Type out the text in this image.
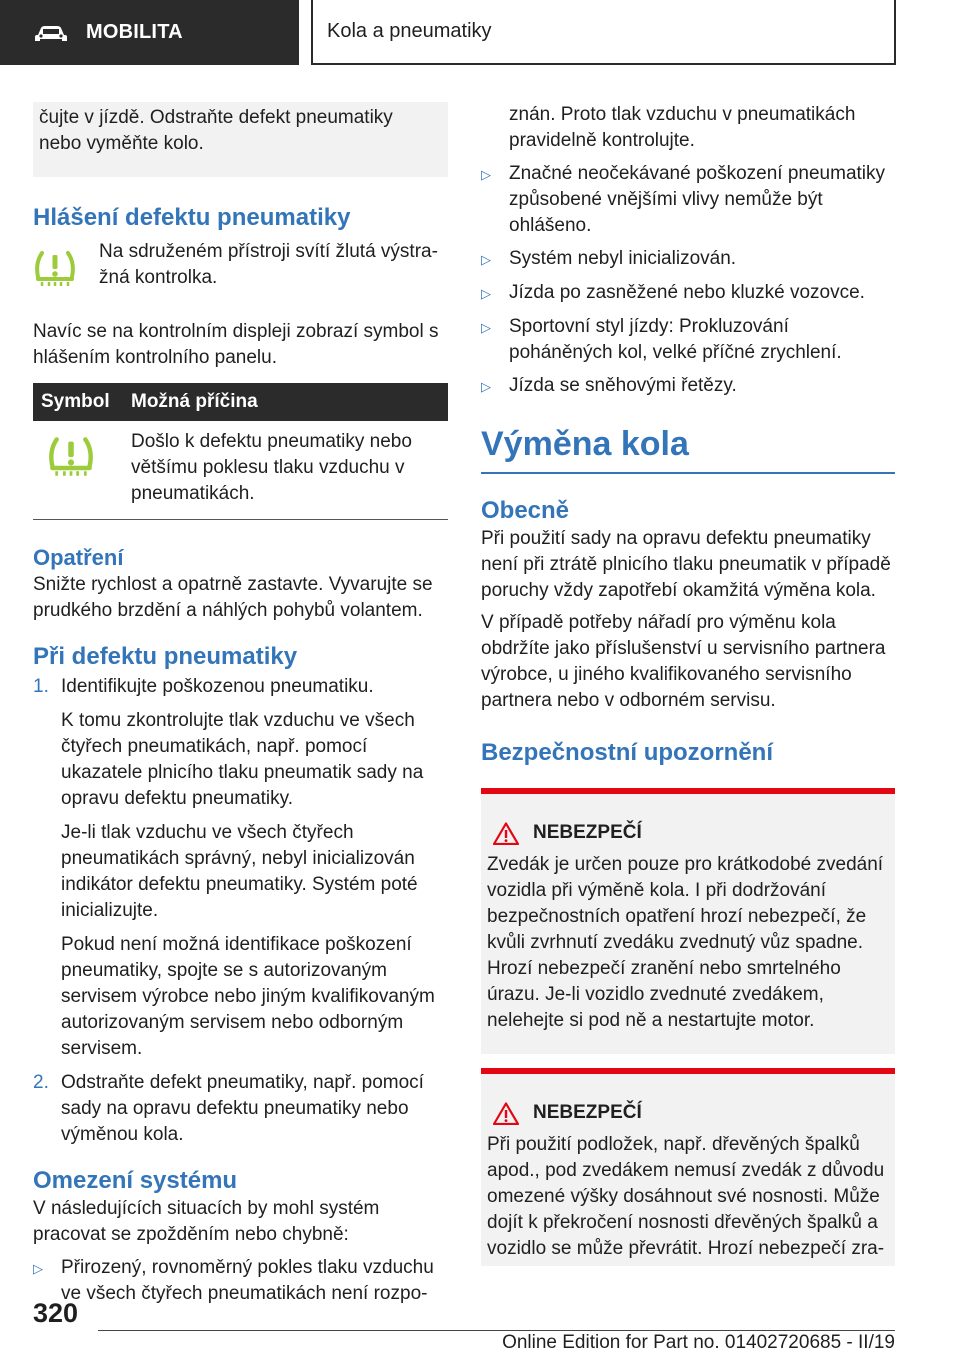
MOBILITA	Kola a pneumatiky

čujte v jízdě. Odstraňte defekt pneumatiky nebo vyměňte kolo.

Hlášení defektu pneumatiky

Na sdruženém přístroji svítí žlutá výstra‐

žná kontrolka.

Navíc se na kontrolním displeji zobrazí symbol s hlášením kontrolního panelu.

Symbol	Možná příčina
	Došlo k defektu pneumatiky nebo většímu poklesu tlaku vzduchu v pneumatikách.
Opatření

Snižte rychlost a opatrně zastavte. Vyvarujte se prudkého brzdění a náhlých pohybů volantem.

Při defektu pneumatiky
1. Identifikujte poškozenou pneumatiku.

K tomu zkontrolujte tlak vzduchu ve všech čtyřech pneumatikách, např. pomocí ukazatele plnicího tlaku pneumatik sady na opravu defektu pneumatiky.

Je-li tlak vzduchu ve všech čtyřech pneumatikách správný, nebyl inicializován indikátor defektu pneumatiky. Systém poté inicializujte.

Pokud není možná identifikace poškození pneumatiky, spojte se s autorizovaným servisem výrobce nebo jiným kvalifikovaným autorizovaným servisem nebo odborným servisem.

2. Odstraňte defekt pneumatiky, např. pomocí sady na opravu defektu pneumatiky nebo výměnou kola.

Omezení systému

V následujících situacích by mohl systém pracovat se zpožděním nebo chybně:

▷ Přirozený, rovnoměrný pokles tlaku vzduchu ve všech čtyřech pneumatikách není rozpo‐

znán. Proto tlak vzduchu v pneumatikách pravidelně kontrolujte.

▷ Značné neočekávané poškození pneumatiky způsobené vnějšími vlivy nemůže být ohlášeno.
▷ Systém nebyl inicializován.
▷ Jízda po zasněžené nebo kluzké vozovce.
▷ Sportovní styl jízdy: Prokluzování poháněných kol, velké příčné zrychlení.
▷ Jízda se sněhovými řetězy.
Výměna kola
Obecně

Při použití sady na opravu defektu pneumatiky není při ztrátě plnicího tlaku pneumatik v případě poruchy vždy zapotřebí okamžitá výměna kola.

V případě potřeby nářadí pro výměnu kola obdržíte jako příslušenství u servisního partnera výrobce, u jiného kvalifikovaného servisního partnera nebo v odborném servisu.

Bezpečnostní upozornění
NEBEZPEČÍ

Zvedák je určen pouze pro krátkodobé zvedání vozidla při výměně kola. I při dodržování bezpečnostních opatření hrozí nebezpečí, že kvůli zvrhnutí zvedáku zvednutý vůz spadne. Hrozí nebezpečí zranění nebo smrtelného úrazu. Je-li vozidlo zvednuté zvedákem, nelehejte si pod ně a nestartujte motor.

NEBEZPEČÍ

Při použití podložek, např. dřevěných špalků apod., pod zvedákem nemusí zvedák z důvodu omezené výšky dosáhnout své nosnosti. Může dojít k překročení nosnosti dřevěných špalků a vozidlo se může převrátit. Hrozí nebezpečí zra‐

320
Online Edition for Part no. 01402720685 - II/19
